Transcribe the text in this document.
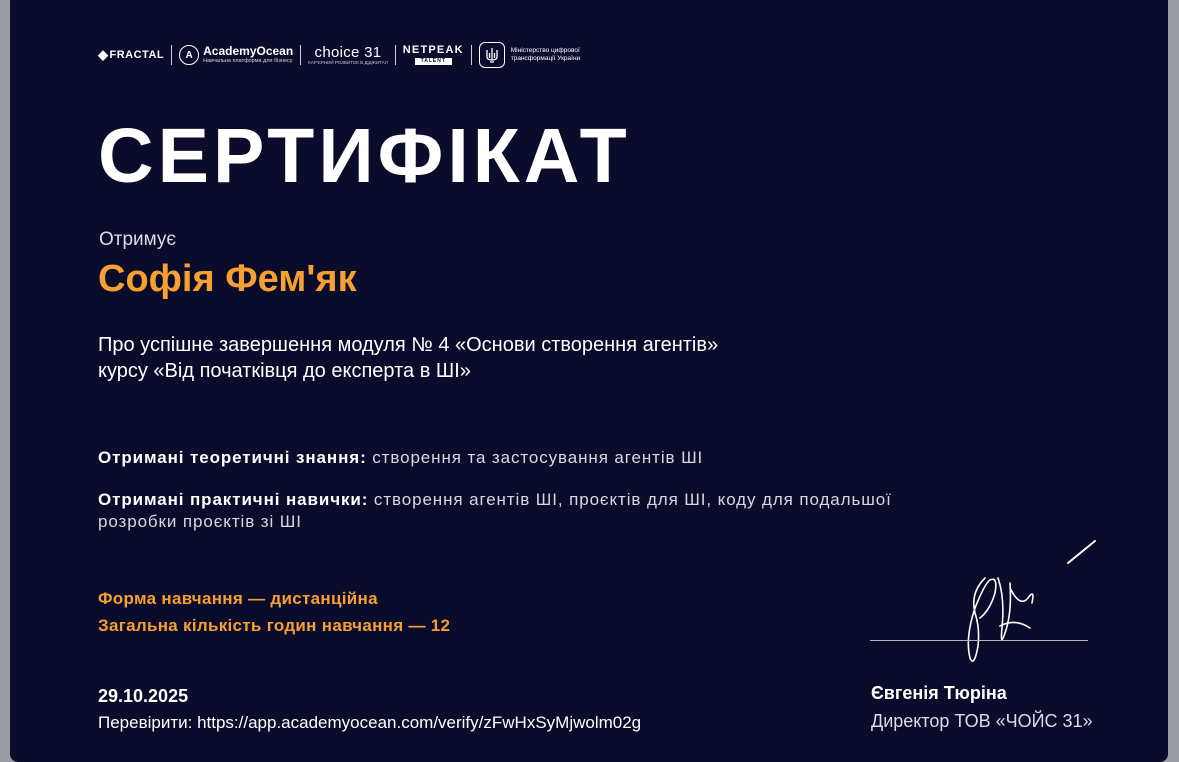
◆ FRACTAL	A AcademyOcean
Навчальна платформа для бізнесу
choice 31
КАР'ЄРНИЙ РОЗВИТОК В ДІДЖИТАЛ
NETPEAK
TALENT
Міністерство цифрової трансформації України
СЕРТИФІКАТ
Отримує
Софія Фем'як
Про успішне завершення модуля № 4 «Основи створення агентів»
курсу «Від початківця до експерта в ШІ»
Отримані теоретичні знання: створення та застосування агентів ШІ
Отримані практичні навички: створення агентів ШІ, проєктів для ШІ, коду для подальшої розробки проєктів зі ШІ
Форма навчання — дистанційна
Загальна кількість годин навчання — 12
29.10.2025
Перевірити: https://app.academyocean.com/verify/zFwHxSyMjwolm02g
Євгенія Тюріна
Директор ТОВ «ЧОЙС 31»
